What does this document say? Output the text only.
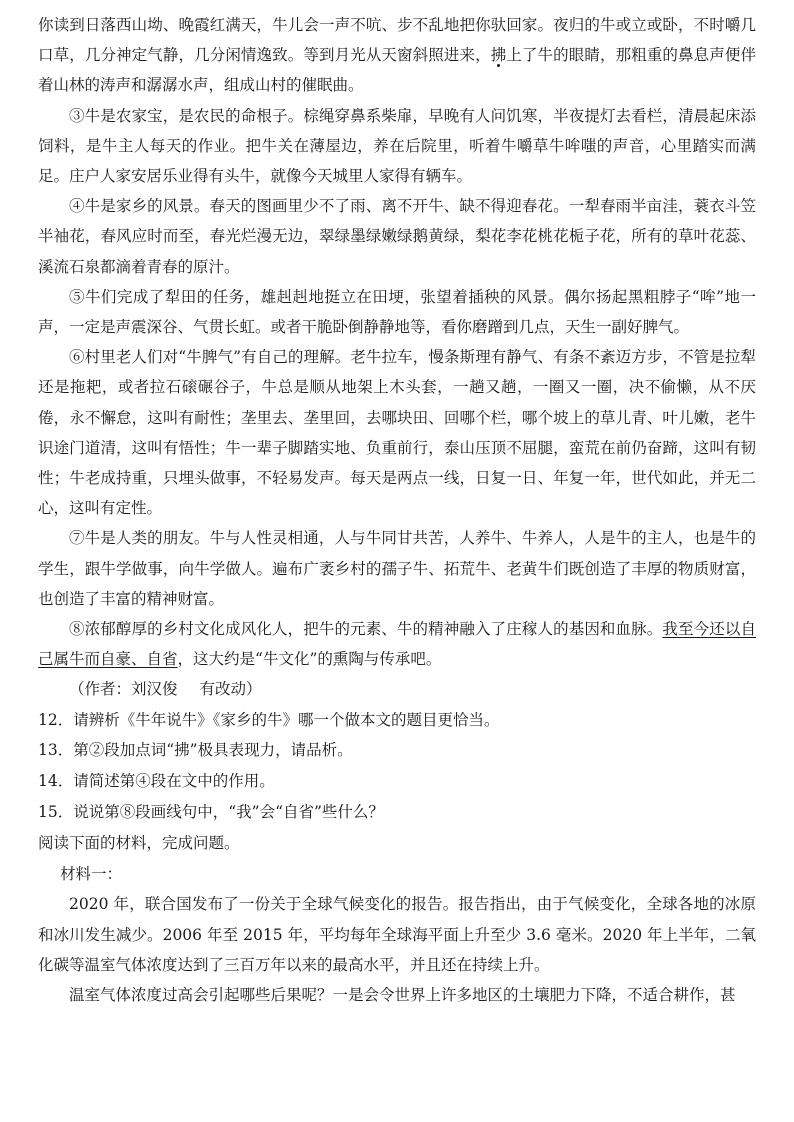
你读到日落西山坳、晚霞红满天，牛儿会一声不吭、步不乱地把你驮回家。夜归的牛或立或卧，不时嚼几口草，几分神定气静，几分闲情逸致。等到月光从天窗斜照进来，拂上了牛的眼睛，那粗重的鼻息声便伴着山林的涛声和潺潺水声，组成山村的催眠曲。

③牛是农家宝，是农民的命根子。棕绳穿鼻系柴扉，早晚有人问饥寒，半夜提灯去看栏，清晨起床添饲料，是牛主人每天的作业。把牛关在薄屋边，养在后院里，听着牛嚼草牛哞嗤的声音，心里踏实而满足。庄户人家安居乐业得有头牛，就像今天城里人家得有辆车。

④牛是家乡的风景。春天的图画里少不了雨、离不开牛、缺不得迎春花。一犁春雨半亩洼，蓑衣斗笠半袖花，春风应时而至，春光烂漫无边，翠绿墨绿嫩绿鹅黄绿，梨花李花桃花栀子花，所有的草叶花蕊、溪流石泉都滴着青春的原汁。

⑤牛们完成了犁田的任务，雄赳赳地挺立在田埂，张望着插秧的风景。偶尔扬起黑粗脖子“哞”地一声，一定是声震深谷、气贯长虹。或者干脆卧倒静静地等，看你磨蹭到几点，天生一副好脾气。

⑥村里老人们对“牛脾气”有自己的理解。老牛拉车，慢条斯理有静气、有条不紊迈方步，不管是拉犁还是拖耙，或者拉石磙碾谷子，牛总是顺从地架上木头套，一趟又趟，一圈又一圈，决不偷懒，从不厌倦，永不懈怠，这叫有耐性；垄里去、垄里回，去哪块田、回哪个栏，哪个坡上的草儿青、叶儿嫩，老牛识途门道清，这叫有悟性；牛一辈子脚踏实地、负重前行，泰山压顶不屈腿，蛮荒在前仍奋蹄，这叫有韧性；牛老成持重，只埋头做事，不轻易发声。每天是两点一线，日复一日、年复一年，世代如此，并无二心，这叫有定性。

⑦牛是人类的朋友。牛与人性灵相通，人与牛同甘共苦，人养牛、牛养人，人是牛的主人，也是牛的学生，跟牛学做事，向牛学做人。遍布广袤乡村的孺子牛、拓荒牛、老黄牛们既创造了丰厚的物质财富，也创造了丰富的精神财富。

⑧浓郁醇厚的乡村文化成风化人，把牛的元素、牛的精神融入了庄稼人的基因和血脉。我至今还以自己属牛而自豪、自省，这大约是“牛文化”的熏陶与传承吧。

（作者：刘汉俊 有改动）

12．请辨析《牛年说牛》《家乡的牛》哪一个做本文的题目更恰当。

13．第②段加点词“拂”极具表现力，请品析。

14．请简述第④段在文中的作用。

15．说说第⑧段画线句中，“我”会“自省”些什么？

阅读下面的材料，完成问题。

材料一：

2020 年，联合国发布了一份关于全球气候变化的报告。报告指出，由于气候变化，全球各地的冰原和冰川发生减少。2006 年至 2015 年，平均每年全球海平面上升至少 3.6 毫米。2020 年上半年，二氧化碳等温室气体浓度达到了三百万年以来的最高水平，并且还在持续上升。

温室气体浓度过高会引起哪些后果呢？一是会令世界上许多地区的土壤肥力下降，不适合耕作，甚
